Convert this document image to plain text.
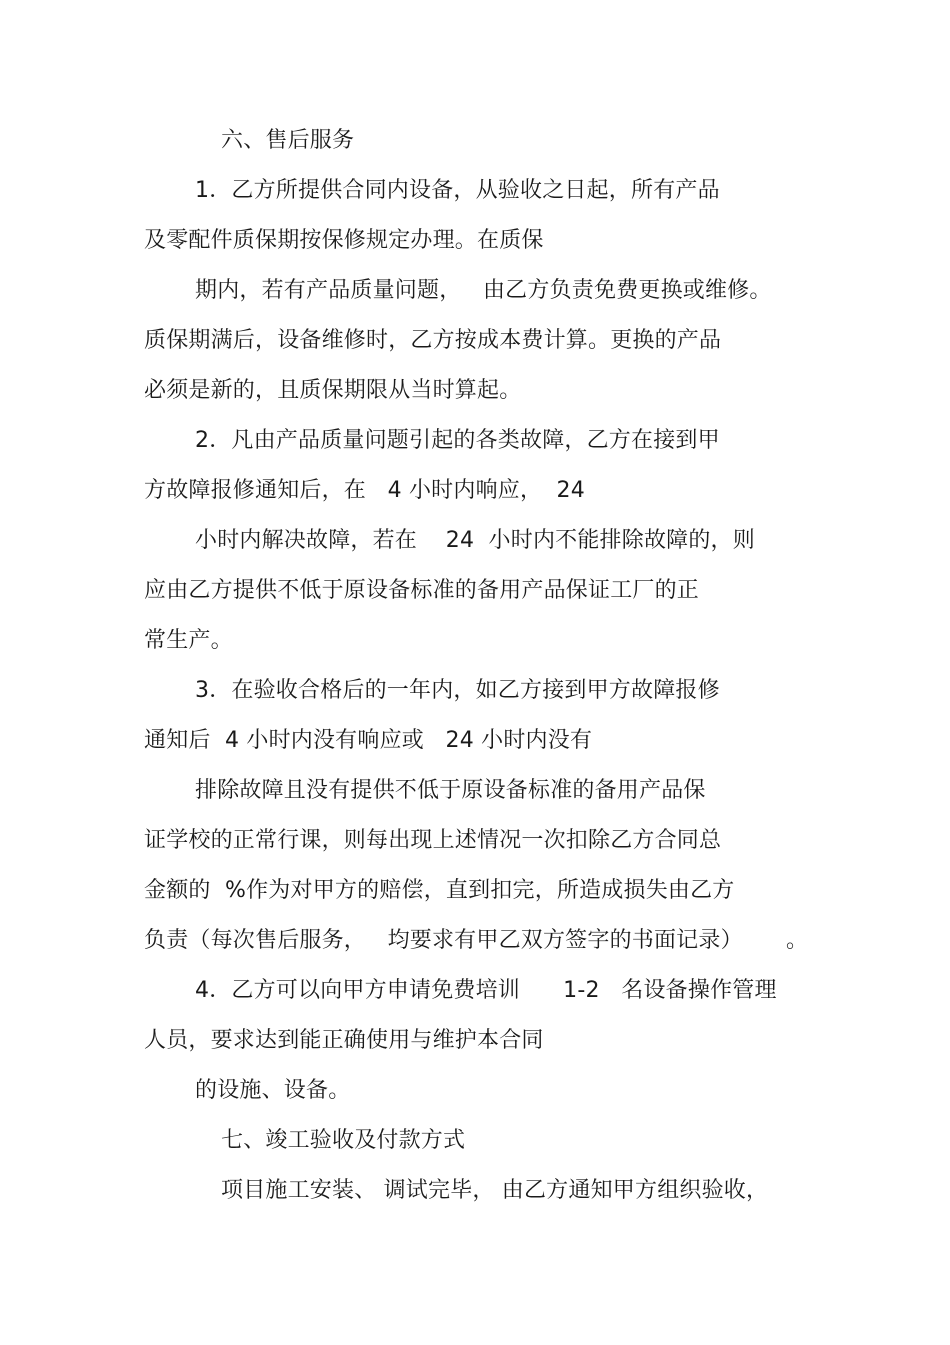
六、售后服务
1．乙方所提供合同内设备，从验收之日起，所有产品
及零配件质保期按保修规定办理。在质保
期内，若有产品质量问题，   由乙方负责免费更换或维修。
质保期满后，设备维修时，乙方按成本费计算。更换的产品
必须是新的，且质保期限从当时算起。
2．凡由产品质量问题引起的各类故障，乙方在接到甲
方故障报修通知后，在   4 小时内响应，  24
小时内解决故障，若在    24  小时内不能排除故障的，则
应由乙方提供不低于原设备标准的备用产品保证工厂的正
常生产。
3．在验收合格后的一年内，如乙方接到甲方故障报修
通知后  4 小时内没有响应或   24 小时内没有
排除故障且没有提供不低于原设备标准的备用产品保
证学校的正常行课，则每出现上述情况一次扣除乙方合同总
金额的  %作为对甲方的赔偿，直到扣完，所造成损失由乙方
负责（每次售后服务，   均要求有甲乙双方签字的书面记录）      。
4．乙方可以向甲方申请免费培训      1-2   名设备操作管理
人员，要求达到能正确使用与维护本合同
的设施、设备。
七、竣工验收及付款方式
项目施工安装、 调试完毕， 由乙方通知甲方组织验收，
